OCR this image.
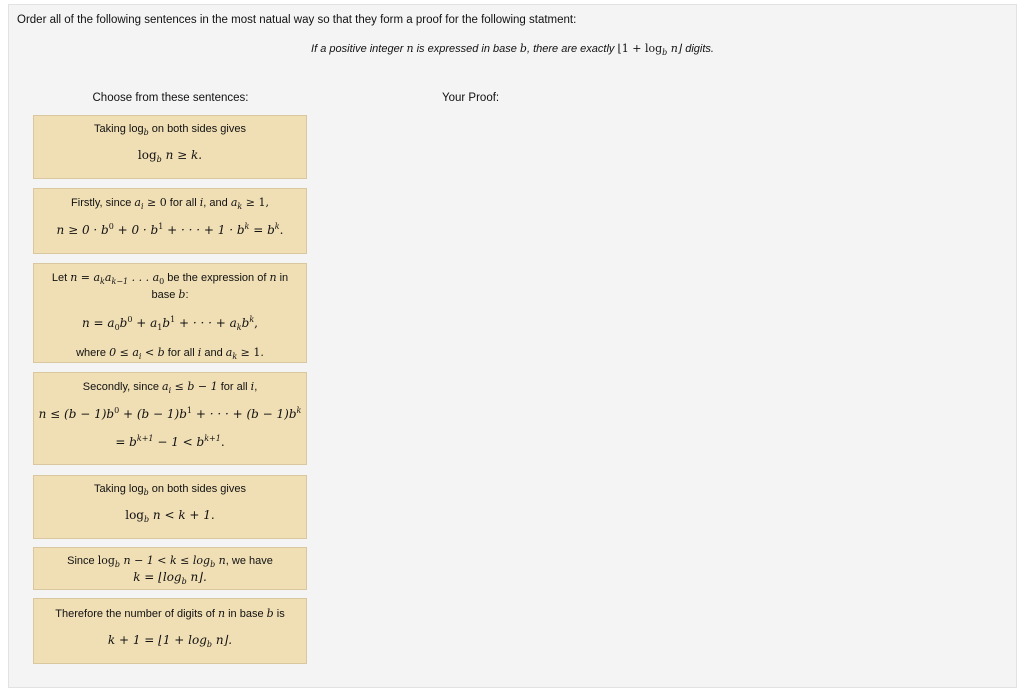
Order all of the following sentences in the most natual way so that they form a proof for the following statment:
If a positive integer n is expressed in base b, there are exactly ⌊1 + $\log_b$ n⌋ digits.
Choose from these sentences:	Your Proof:
Taking $\log_b$ on both sides gives
$\log_b n \ge k$.
Firstly, since $a_i \ge 0$ for all i, and $a_k \ge 1$,
$n \ge 0 \cdot b^0 + 0 \cdot b^1$ + · · · + $1 \cdot b^k = b^k$.
Let $n = a_ka_{k-1}$ . . . $a_0$ be the expression of n in
base b:
$n = a_0b^0 + a_1b^1$ + · · · + $a_kb^k$,
where $0 \le a_i < b$ for all i and $a_k \ge 1$.
Secondly, since $a_i \le b - 1$ for all i,
$n \le (b - 1)b^0 + (b - 1)b^1$ + · · · + $(b - 1)b^k$
= $b^{k+1} - 1 < b^{k+1}$.
Taking $\log_b$ on both sides gives
$\log_b n < k + 1$.
Since $\log_b n - 1 < k \le \log_b n$, we have
$k = ⌊\log_b$ n⌋.
Therefore the number of digits of n in base b is
k + 1 = ⌊1 + $\log_b$ n⌋.
